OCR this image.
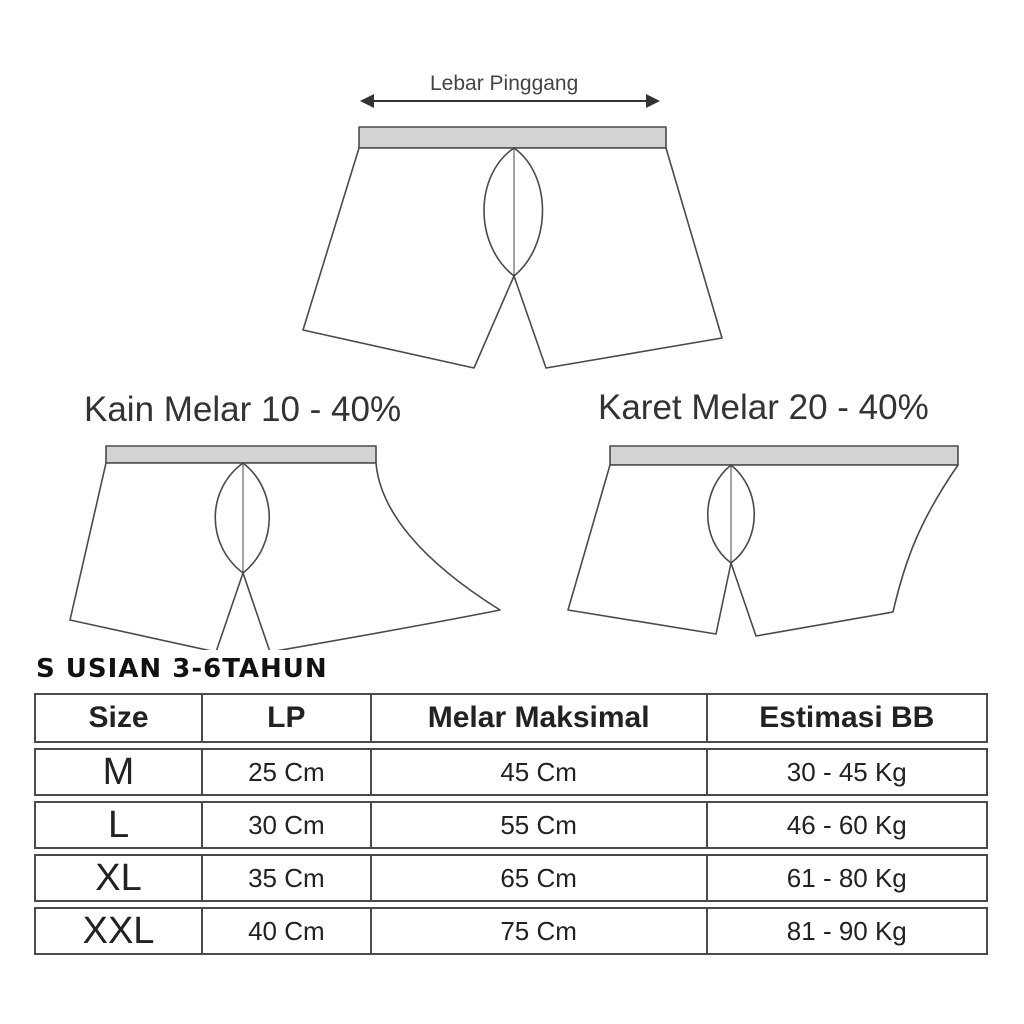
Lebar Pinggang
Kain Melar 10 - 40%	Karet Melar 20 - 40%
S USIAN 3-6TAHUN
Size	LP	Melar Maksimal	Estimasi BB
M	25 Cm	45 Cm	30 - 45 Kg
L	30 Cm	55 Cm	46 - 60 Kg
XL	35 Cm	65 Cm	61 - 80 Kg
XXL	40 Cm	75 Cm	81 - 90 Kg
